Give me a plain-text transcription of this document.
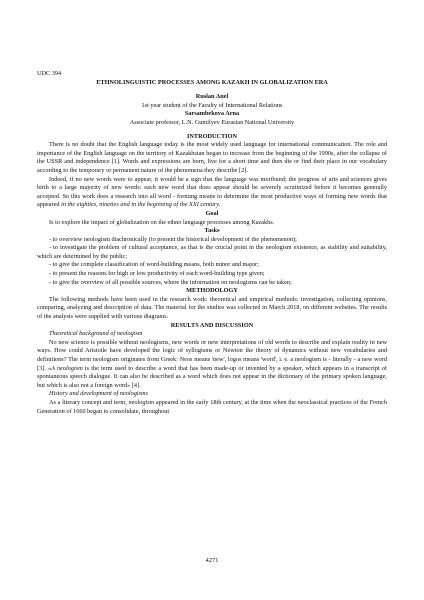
UDC 394

ETHNOLINGUISTIC PROCESSES AMONG KAZAKH IN GLOBALIZATION ERA

Ruslan Anel
1st year student of the Faculty of International Relations
Sarsambekova Arna
Associate professor, L.N. Gumilyev Eurasian National University

INTRODUCTION

There is no doubt that the English language today is the most widely used language for international communication. The role and importance of the English language on the territory of Kazakhstan began to increase from the beginning of the 1990s, after the collapse of the USSR and independence [1]. Words and expressions are born, live for a short time and then die or find their place in our vocabulary according to the temporary or permanent nature of the phenomena they describe [2].

Indeed, if no new words were to appear, it would be a sign that the language was moribund; the progress of arts and sciences gives birth to a large majority of new words: each new word that does appear should be severely scrutinized before it becomes generally accepted. So this work does a research into all word - forming means to determine the most productive ways of forming new words that appeared in the eighties, nineties and in the beginning of the XXI century.

Goal

Is to explore the impact of globalization on the ethno language processes among Kazakhs.

Tasks

- to overview neologism diachronically (to present the historical development of the phenomenon);

- to investigate the problem of cultural acceptance, as that is the crucial point in the neologism existence, as stability and suitability, which are determined by the public;

- to give the complete classification of word-building means, both minor and major;

- to present the reasons for high or low productivity of each word-building type given;

- to give the overview of all possible sources, where the information on neologisms can be taken;

METHODOLOGY

The following methods have been used in the research work: theoretical and empirical methods: investigation, collecting opinions, comparing, analyzing and description of data. The material for the studies was collected in March 2018, on different websites. The results of the analysis were supplied with various diagrams.

RESULTS AND DISCUSSION

Theoretical background of neologism

No new science is possible without neologisms, new words or new interpretations of old words to describe and explain reality in new ways. How could Aristotle have developed the logic of syllogisms or Newton the theory of dynamics without new vocabularies and definitions? The term neologism originates from Greek: Neos means 'new', logos means 'word', i. e. a neologism is - literally - a new word [3]. «A neologism is the term used to describe a word that has been made-up or invented by a speaker, which appears in a transcript of spontaneous speech dialogue. It can also be described as a word which does not appear in the dictionary of the primary spoken language, but which is also not a foreign word» [4].

History and development of neologisms

As a literary concept and term, neologism appeared in the early 18th century, at the time when the neoclassical practices of the French Generation of 1660 began to consolidate, throughout

4271
